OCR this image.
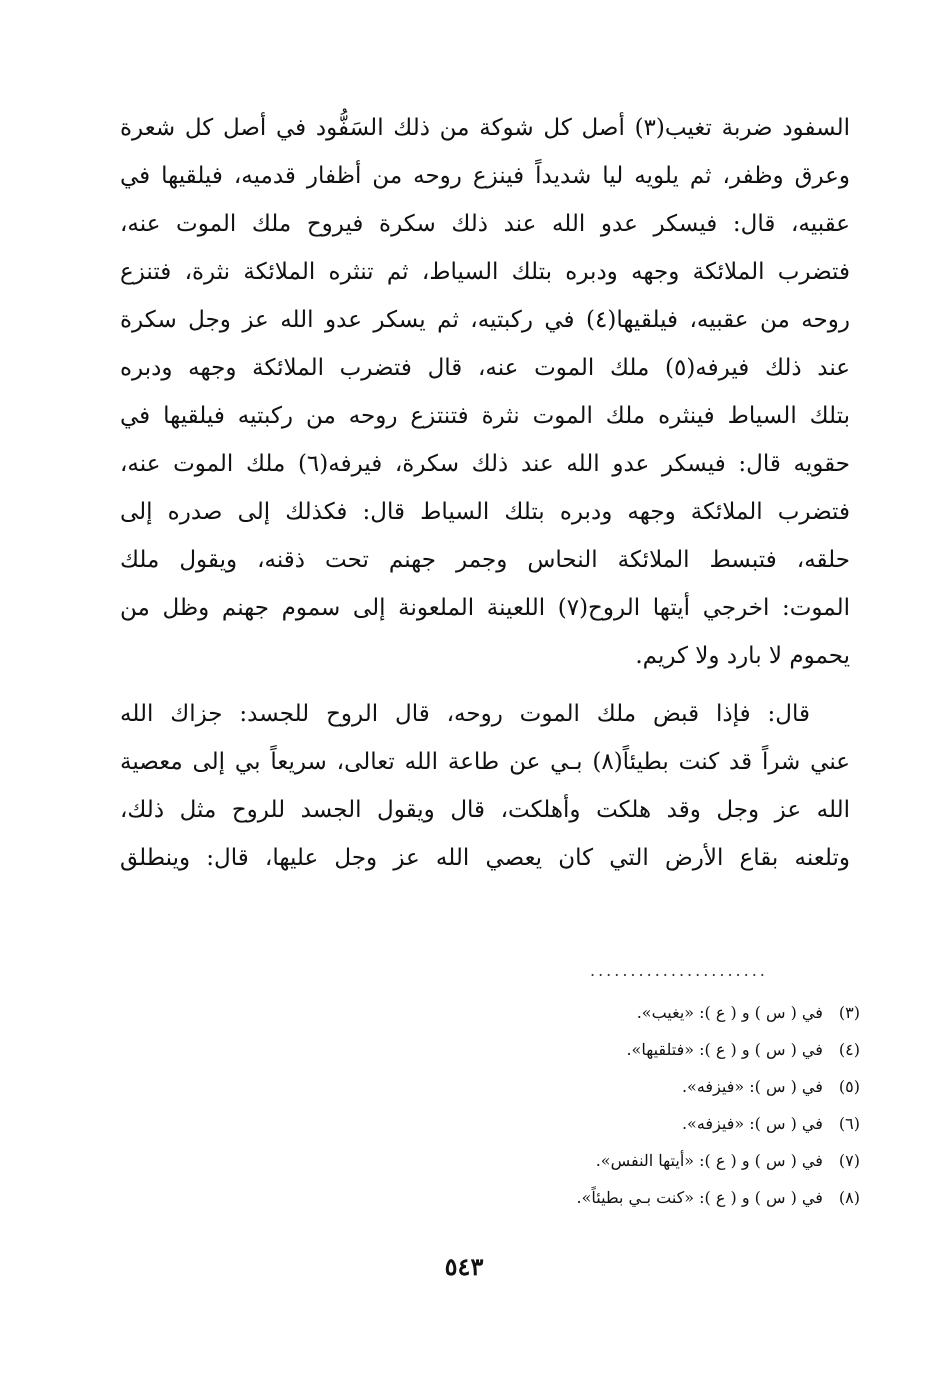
السفود ضربة تغيب(٣) أصل كل شوكة من ذلك السَفُّود في أصل كل شعرة
وعرق وظفر، ثم يلويه ليا شديداً فينزع روحه من أظفار قدميه، فيلقيها في
عقبيه، قال: فيسكر عدو الله عند ذلك سكرة فيروح ملك الموت عنه،
فتضرب الملائكة وجهه ودبره بتلك السياط، ثم تنثره الملائكة نثرة، فتنزع
روحه من عقبيه، فيلقيها(٤) في ركبتيه، ثم يسكر عدو الله عز وجل سكرة
عند ذلك فيرفه(٥) ملك الموت عنه، قال فتضرب الملائكة وجهه ودبره
بتلك السياط فينثره ملك الموت نثرة فتنتزع روحه من ركبتيه فيلقيها في
حقويه قال: فيسكر عدو الله عند ذلك سكرة، فيرفه(٦) ملك الموت عنه،
فتضرب الملائكة وجهه ودبره بتلك السياط قال: فكذلك إلى صدره إلى
حلقه، فتبسط الملائكة النحاس وجمر جهنم تحت ذقنه، ويقول ملك
الموت: اخرجي أيتها الروح(٧) اللعينة الملعونة إلى سموم جهنم وظل من
يحموم لا بارد ولا كريم.
قال: فإذا قبض ملك الموت روحه، قال الروح للجسد: جزاك الله
عني شراً قد كنت بطيئاً(٨) بـي عن طاعة الله تعالى، سريعاً بي إلى معصية
الله عز وجل وقد هلكت وأهلكت، قال ويقول الجسد للروح مثل ذلك،
وتلعنه بقاع الأرض التي كان يعصي الله عز وجل عليها، قال: وينطلق
......................
(٣) في ( س ) و ( ع ): «يغيب».
(٤) في ( س ) و ( ع ): «فتلقيها».
(٥) في ( س ): «فيزفه».
(٦) في ( س ): «فيزفه».
(٧) في ( س ) و ( ع ): «أيتها النفس».
(٨) في ( س ) و ( ع ): «كنت بـي بطيئاً».
٥٤٣
